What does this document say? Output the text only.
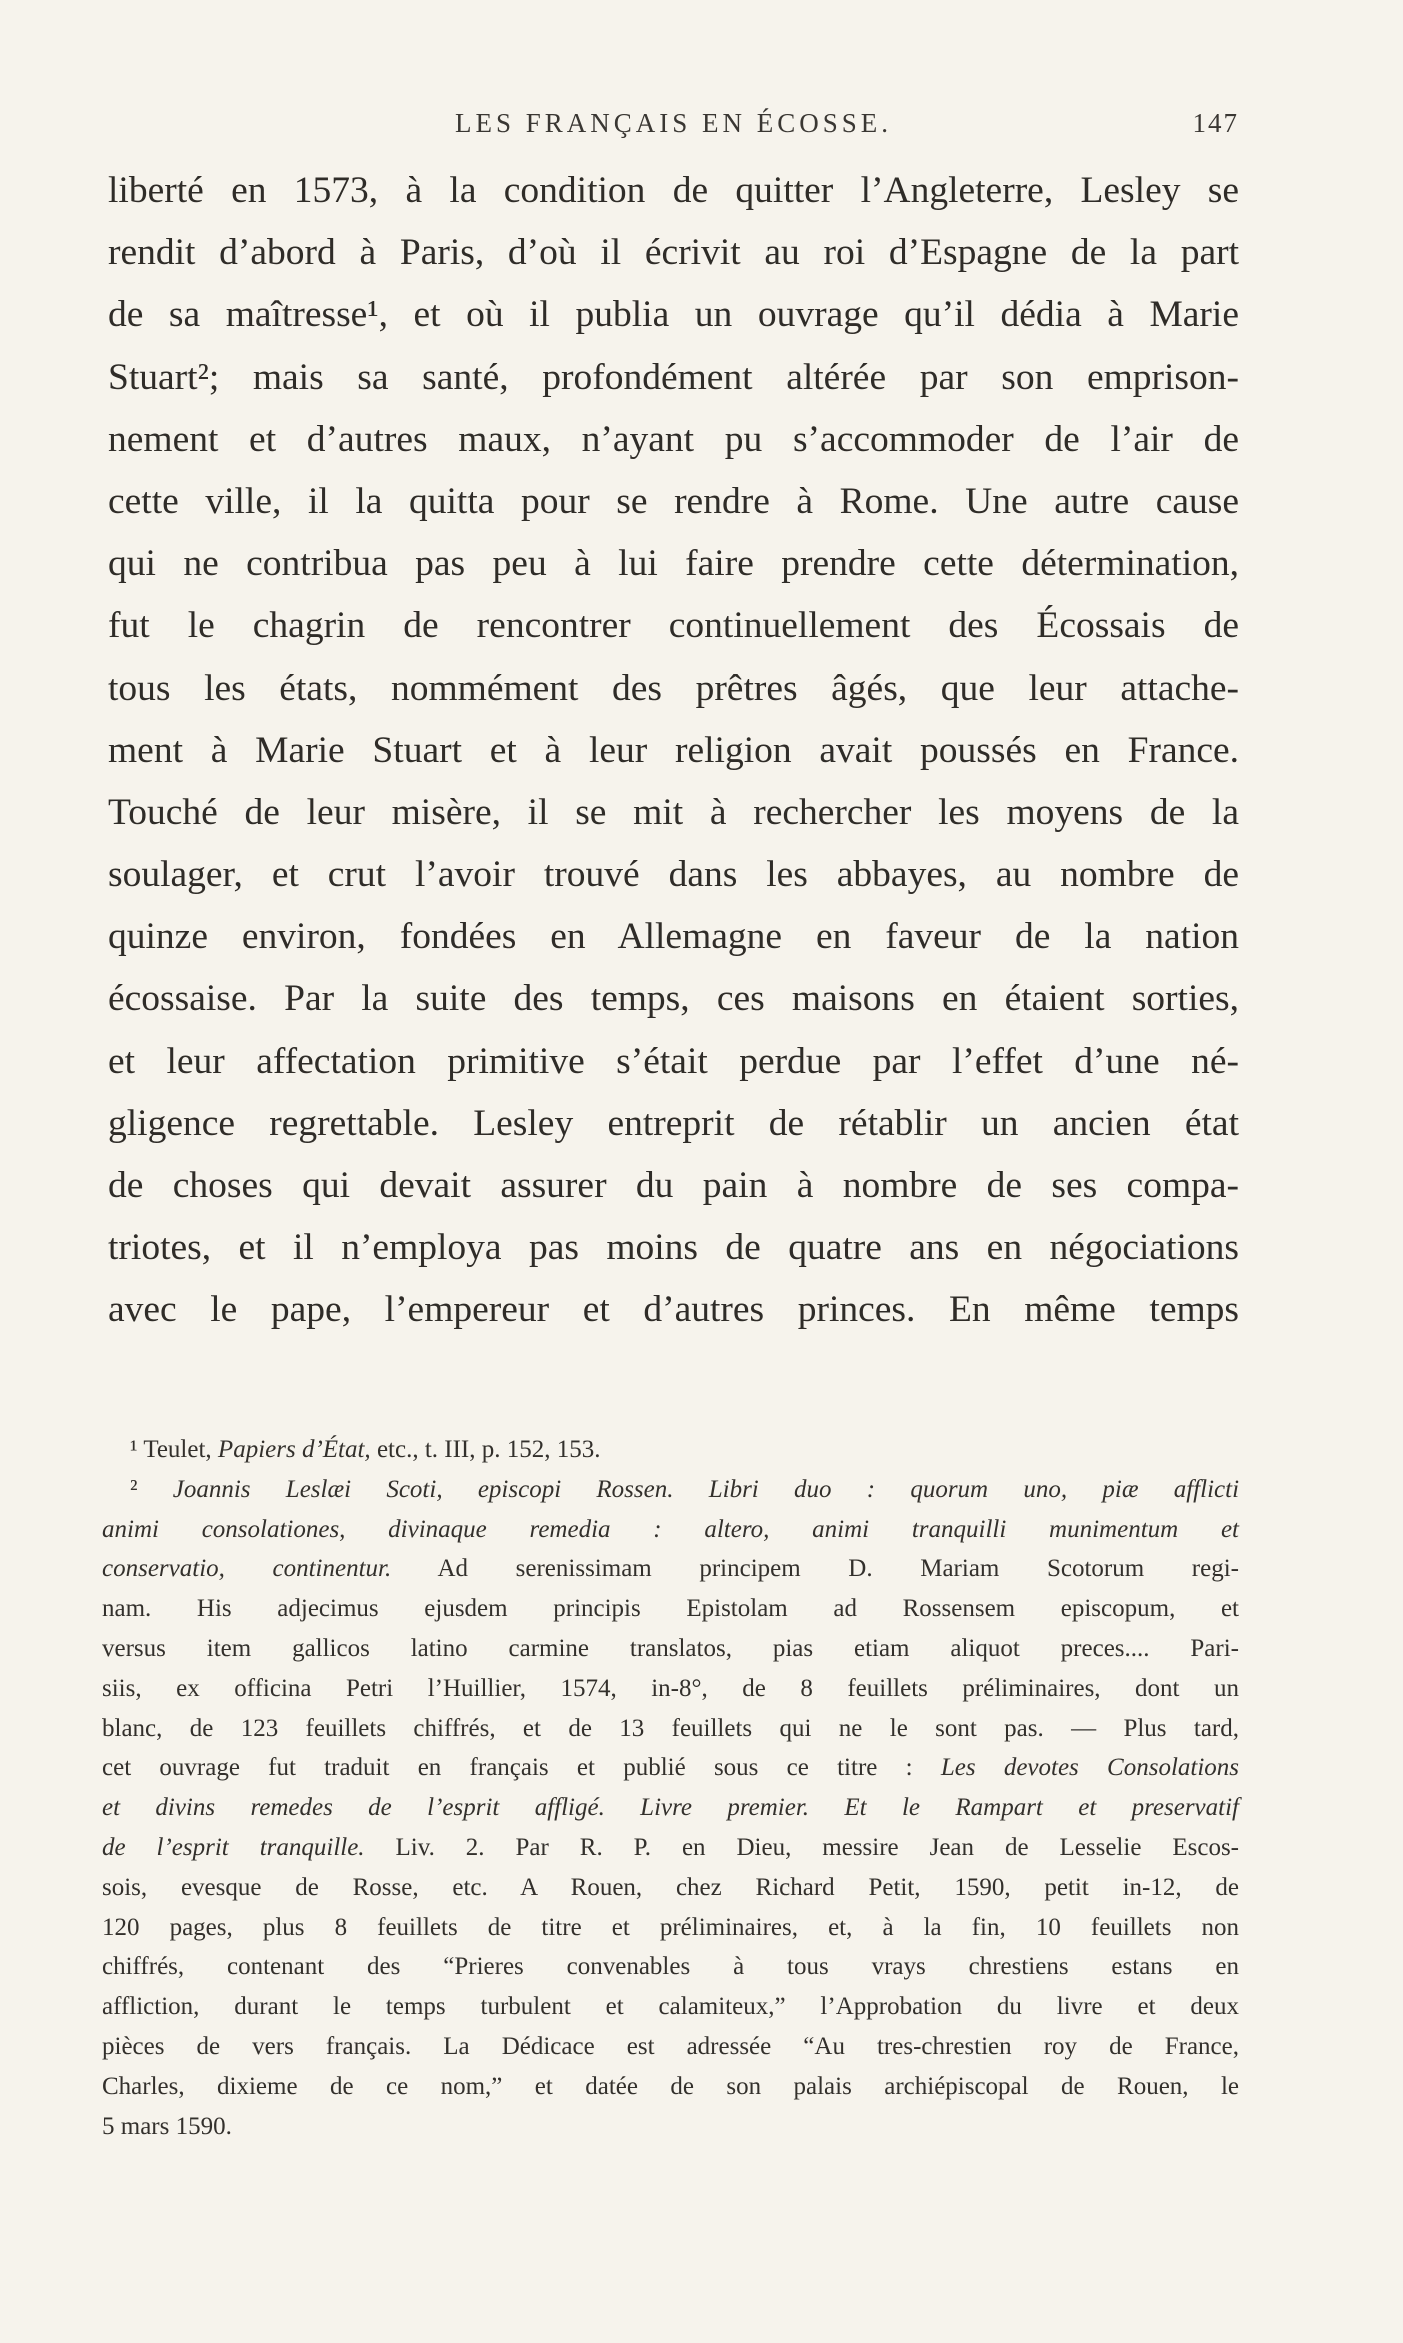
LES FRANÇAIS EN ÉCOSSE.	147
liberté en 1573, à la condition de quitter l’Angleterre, Lesley se
rendit d’abord à Paris, d’où il écrivit au roi d’Espagne de la part
de sa maîtresse¹, et où il publia un ouvrage qu’il dédia à Marie
Stuart²; mais sa santé, profondément altérée par son emprison-
nement et d’autres maux, n’ayant pu s’accommoder de l’air de
cette ville, il la quitta pour se rendre à Rome. Une autre cause
qui ne contribua pas peu à lui faire prendre cette détermination,
fut le chagrin de rencontrer continuellement des Écossais de
tous les états, nommément des prêtres âgés, que leur attache-
ment à Marie Stuart et à leur religion avait poussés en France.
Touché de leur misère, il se mit à rechercher les moyens de la
soulager, et crut l’avoir trouvé dans les abbayes, au nombre de
quinze environ, fondées en Allemagne en faveur de la nation
écossaise. Par la suite des temps, ces maisons en étaient sorties,
et leur affectation primitive s’était perdue par l’effet d’une né-
gligence regrettable. Lesley entreprit de rétablir un ancien état
de choses qui devait assurer du pain à nombre de ses compa-
triotes, et il n’employa pas moins de quatre ans en négociations
avec le pape, l’empereur et d’autres princes. En même temps
¹ Teulet, Papiers d’État, etc., t. III, p. 152, 153.
² Joannis Leslæi Scoti, episcopi Rossen. Libri duo : quorum uno, piæ afflicti
animi consolationes, divinaque remedia : altero, animi tranquilli munimentum et
conservatio, continentur. Ad serenissimam principem D. Mariam Scotorum regi-
nam. His adjecimus ejusdem principis Epistolam ad Rossensem episcopum, et
versus item gallicos latino carmine translatos, pias etiam aliquot preces.... Pari-
siis, ex officina Petri l’Huillier, 1574, in-8°, de 8 feuillets préliminaires, dont un
blanc, de 123 feuillets chiffrés, et de 13 feuillets qui ne le sont pas. — Plus tard,
cet ouvrage fut traduit en français et publié sous ce titre : Les devotes Consolations
et divins remedes de l’esprit affligé. Livre premier. Et le Rampart et preservatif
de l’esprit tranquille. Liv. 2. Par R. P. en Dieu, messire Jean de Lesselie Escos-
sois, evesque de Rosse, etc. A Rouen, chez Richard Petit, 1590, petit in-12, de
120 pages, plus 8 feuillets de titre et préliminaires, et, à la fin, 10 feuillets non
chiffrés, contenant des “Prieres convenables à tous vrays chrestiens estans en
affliction, durant le temps turbulent et calamiteux,” l’Approbation du livre et deux
pièces de vers français. La Dédicace est adressée “Au tres-chrestien roy de France,
Charles, dixieme de ce nom,” et datée de son palais archiépiscopal de Rouen, le
5 mars 1590.
